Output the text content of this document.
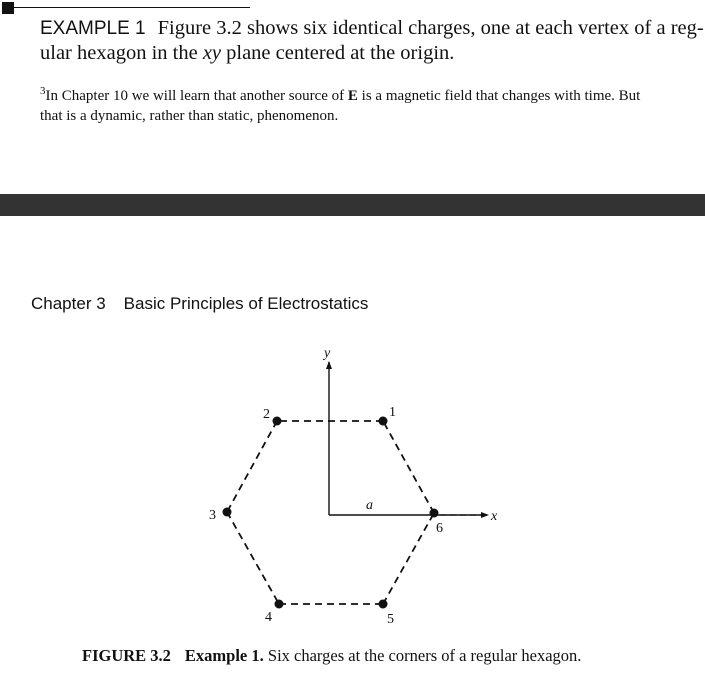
EXAMPLE 1 Figure 3.2 shows six identical charges, one at each vertex of a reg-
ular hexagon in the xy plane centered at the origin.
$^3$In Chapter 10 we will learn that another source of E is a magnetic field that changes with time. But
that is a dynamic, rather than static, phenomenon.
Chapter 3 Basic Principles of Electrostatics
y
x
a
1
2
3
4	5
6
FIGURE 3.2 Example 1. Six charges at the corners of a regular hexagon.
